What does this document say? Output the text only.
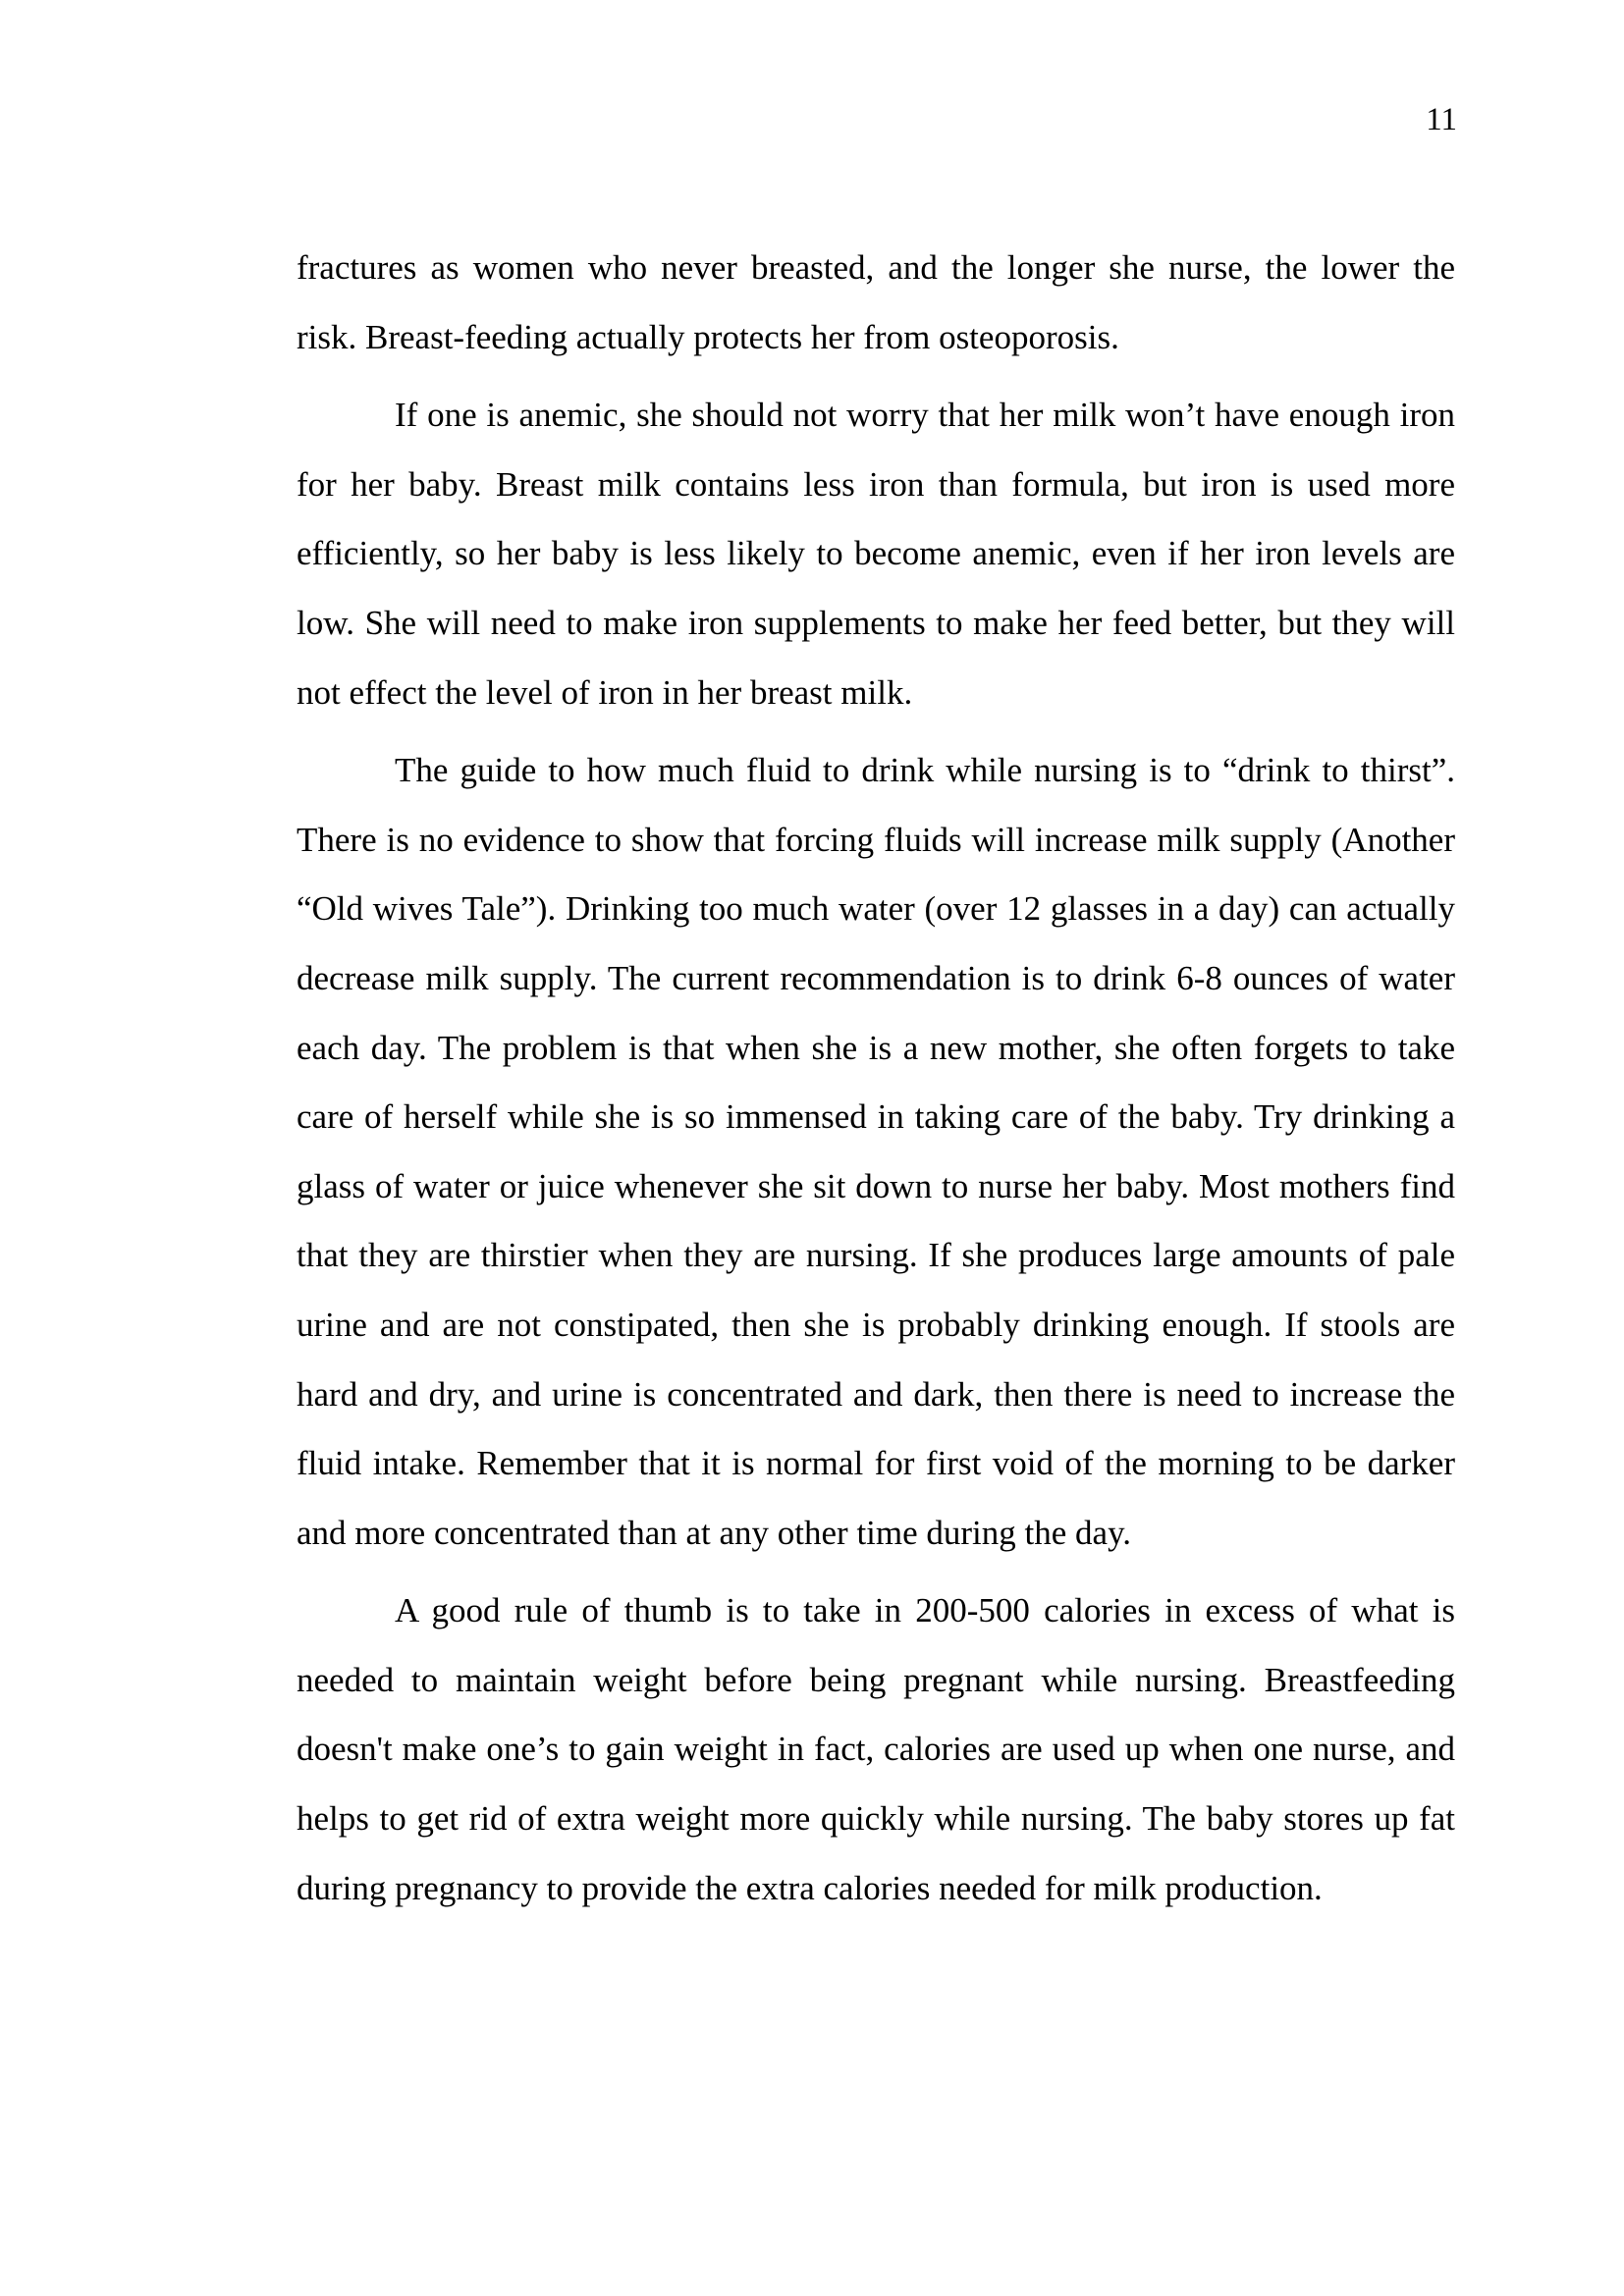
11

fractures as women who never breasted, and the longer she nurse, the lower the risk. Breast-feeding actually protects her from osteoporosis.

If one is anemic, she should not worry that her milk won’t have enough iron for her baby. Breast milk contains less iron than formula, but iron is used more efficiently, so her baby is less likely to become anemic, even if her iron levels are low. She will need to make iron supplements to make her feed better, but they will not effect the level of iron in her breast milk.

The guide to how much fluid to drink while nursing is to “drink to thirst”. There is no evidence to show that forcing fluids will increase milk supply (Another “Old wives Tale”). Drinking too much water (over 12 glasses in a day) can actually decrease milk supply. The current recommendation is to drink 6-8 ounces of water each day. The problem is that when she is a new mother, she often forgets to take care of herself while she is so immensed in taking care of the baby. Try drinking a glass of water or juice whenever she sit down to nurse her baby. Most mothers find that they are thirstier when they are nursing. If she produces large amounts of pale urine and are not constipated, then she is probably drinking enough. If stools are hard and dry, and urine is concentrated and dark, then there is need to increase the fluid intake. Remember that it is normal for first void of the morning to be darker and more concentrated than at any other time during the day.

A good rule of thumb is to take in 200-500 calories in excess of what is needed to maintain weight before being pregnant while nursing. Breastfeeding doesn't make one’s to gain weight in fact, calories are used up when one nurse, and helps to get rid of extra weight more quickly while nursing. The baby stores up fat during pregnancy to provide the extra calories needed for milk production.
